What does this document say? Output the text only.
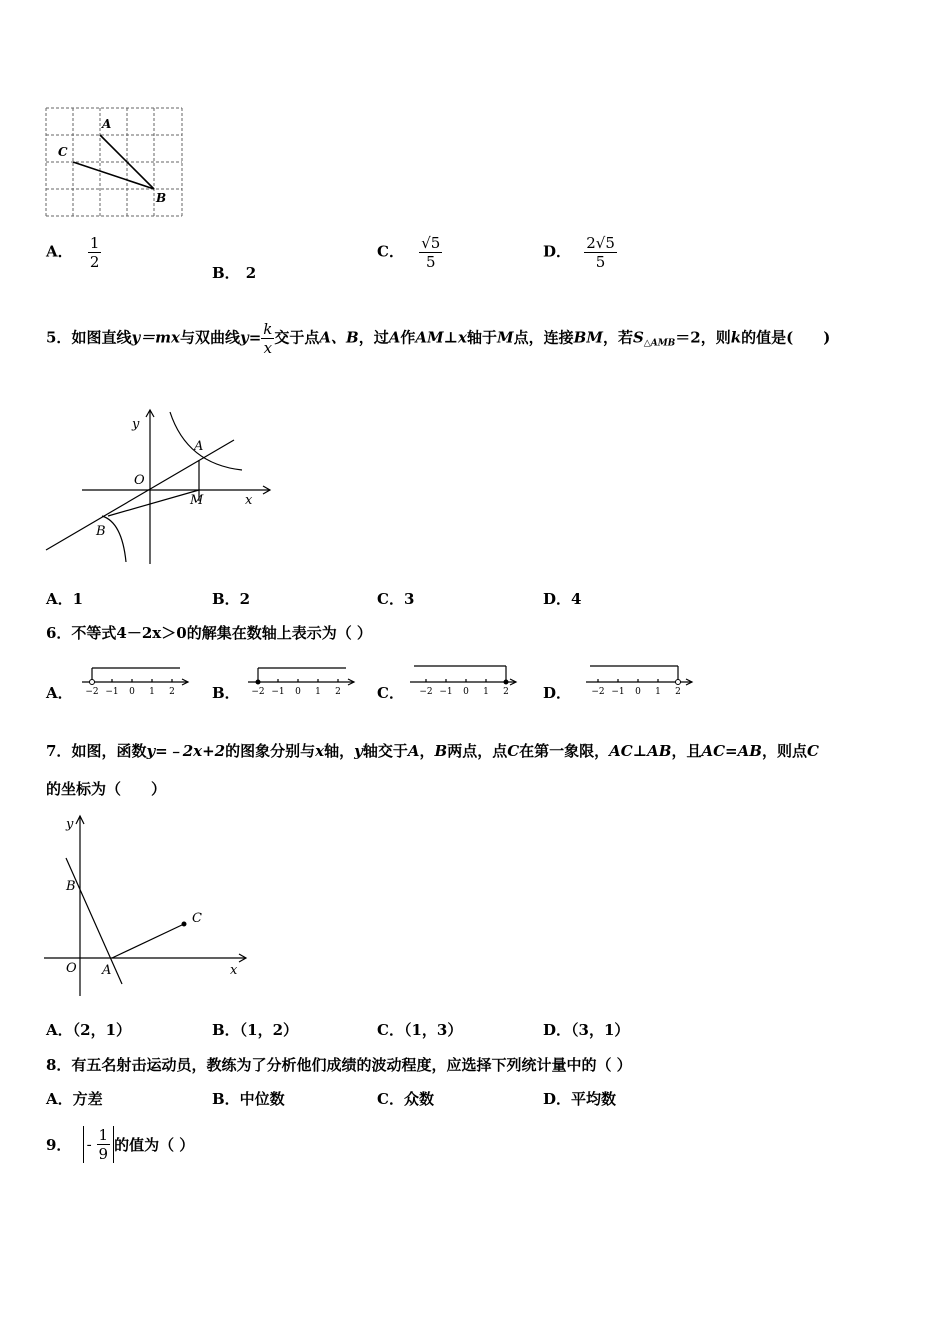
A
C
B
A． $\frac{1}{2}$
B． 2
C． $\frac{√5}{5}$	D． $\frac{2√5}{5}$
5．如图直线y＝mx与双曲线$y= \frac{k}{x}$ 交于点A、B，过A作AM⊥x轴于M点，连接BM，若$S_{\triangle AMB}=2$，则k的值是(　　)
y
O
A
M	x
B
A．1	B．2	C．3	D．4
6．不等式4－2x＞0的解集在数轴上表示为（ ）
A． −2 −1 0 1 2 B． −2 −1 0 1 2 C． −2 −1 0 1 2 D． −2 −1 0 1 2
7．如图，函数y=﹣2x+2的图象分别与x轴，y轴交于A，B两点，点C在第一象限，AC⊥AB，且AC=AB，则点C
的坐标为（　　）
y
B
C
O A	x
A．（2，1）	B．（1，2）	C．（1，3）	D．（3，1）
8．有五名射击运动员，教练为了分析他们成绩的波动程度，应选择下列统计量中的（ ）
A．方差	B．中位数	C．众数	D．平均数
9． - $\frac{1}{9}$ 的值为（ ）
